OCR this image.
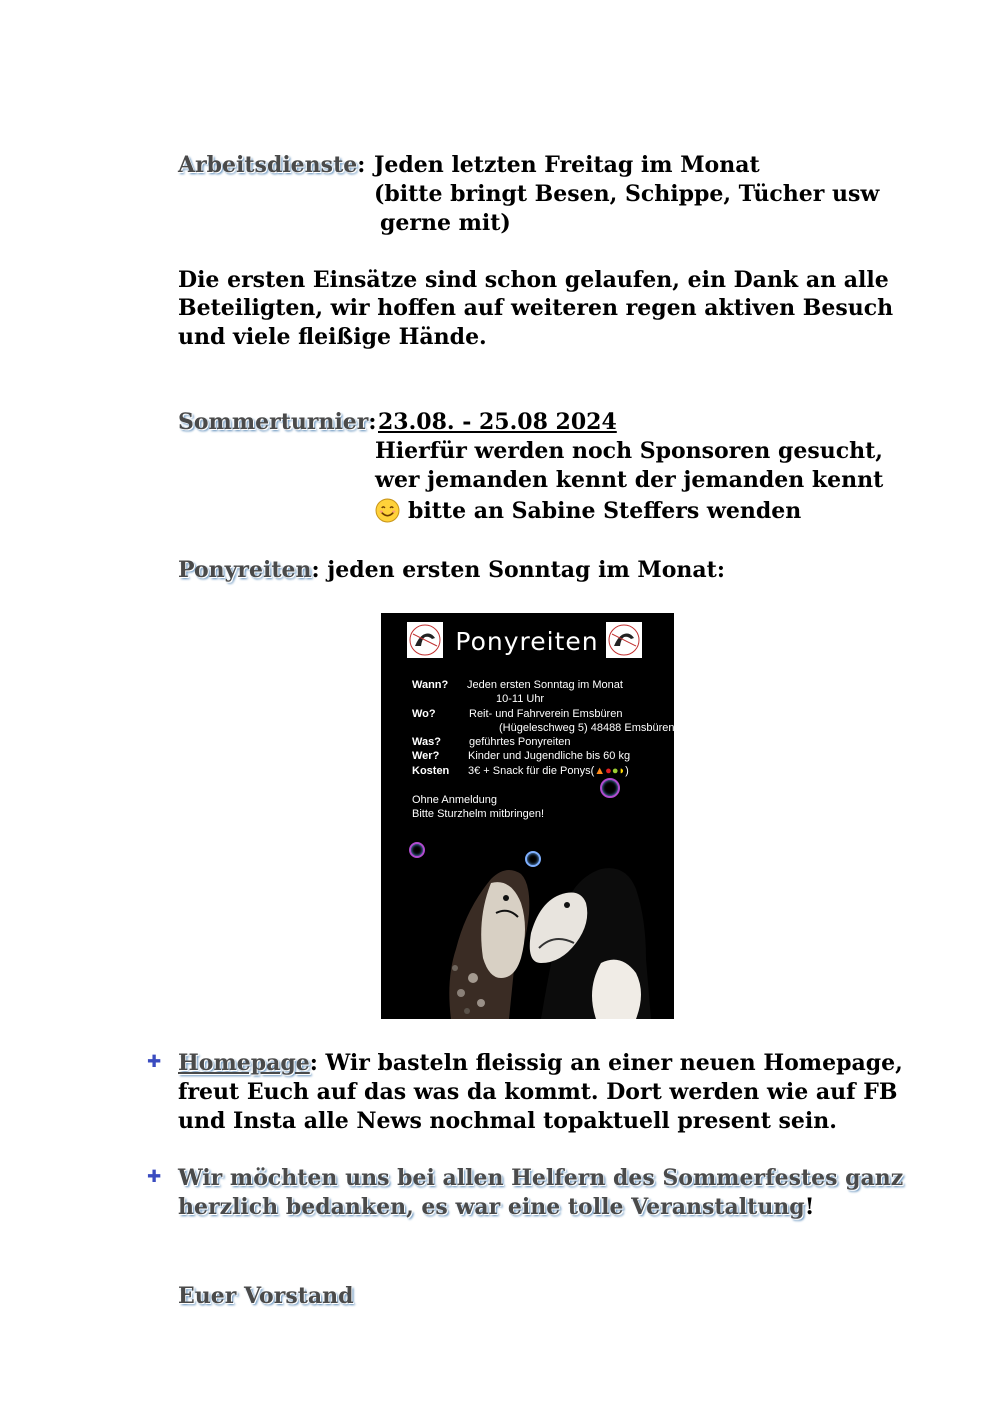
Arbeitsdienste: Jeden letzten Freitag im Monat
(bitte bringt Besen, Schippe, Tücher usw
gerne mit)
Die ersten Einsätze sind schon gelaufen, ein Dank an alle
Beteiligten, wir hoffen auf weiteren regen aktiven Besuch
und viele fleißige Hände.
Sommerturnier: 23.08. - 25.08 2024
Hierfür werden noch Sponsoren gesucht,
wer jemanden kennt der jemanden kennt
bitte an Sabine Steffers wenden
Ponyreiten: jeden ersten Sonntag im Monat:
Ponyreiten
Wann? Jeden ersten Sonntag im Monat
10-11 Uhr
Wo?	Reit- und Fahrverein Emsbüren
(Hügeleschweg 5) 48488 Emsbüren
Was?	geführtes Ponyreiten
Wer?	Kinder und Jugendliche bis 60 kg
Kosten 3€ + Snack für die Ponys(▲●●◗)
Ohne Anmeldung
Bitte Sturzhelm mitbringen!
✚ Homepage: Wir basteln fleissig an einer neuen Homepage,
freut Euch auf das was da kommt. Dort werden wie auf FB
und Insta alle News nochmal topaktuell present sein.
✚ Wir möchten uns bei allen Helfern des Sommerfestes ganz
herzlich bedanken, es war eine tolle Veranstaltung!
Euer Vorstand
